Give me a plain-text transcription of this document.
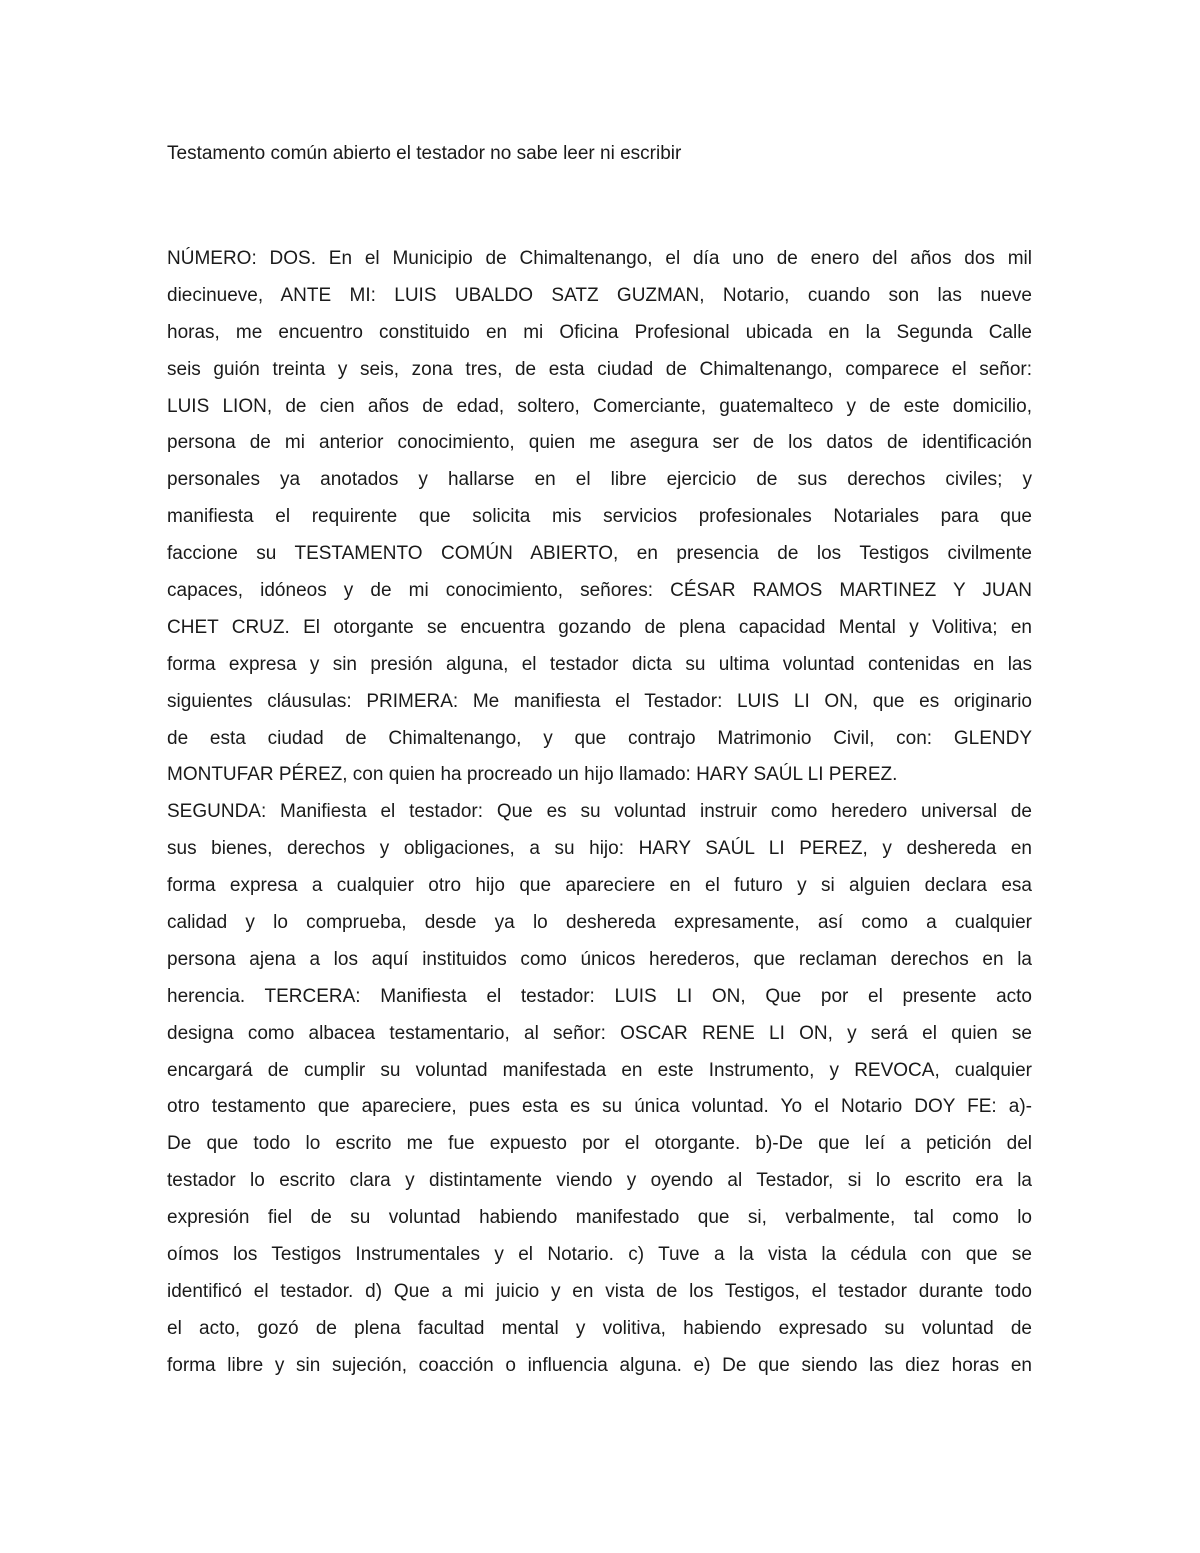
Testamento común abierto el testador no sabe leer ni escribir
NÚMERO: DOS. En el Municipio de Chimaltenango, el día uno de enero del años dos mil
diecinueve, ANTE MI: LUIS UBALDO SATZ GUZMAN, Notario, cuando son las nueve
horas, me encuentro constituido en mi Oficina Profesional ubicada en la Segunda Calle
seis guión treinta y seis, zona tres, de esta ciudad de Chimaltenango, comparece el señor:
LUIS LION, de cien años de edad, soltero, Comerciante, guatemalteco y de este domicilio,
persona de mi anterior conocimiento, quien me asegura ser de los datos de identificación
personales ya anotados y hallarse en el libre ejercicio de sus derechos civiles; y
manifiesta el requirente que solicita mis servicios profesionales Notariales para que
faccione su TESTAMENTO COMÚN ABIERTO, en presencia de los Testigos civilmente
capaces, idóneos y de mi conocimiento, señores: CÉSAR RAMOS MARTINEZ Y JUAN
CHET CRUZ. El otorgante se encuentra gozando de plena capacidad Mental y Volitiva; en
forma expresa y sin presión alguna, el testador dicta su ultima voluntad contenidas en las
siguientes cláusulas: PRIMERA: Me manifiesta el Testador: LUIS LI ON, que es originario
de esta ciudad de Chimaltenango, y que contrajo Matrimonio Civil, con: GLENDY
MONTUFAR PÉREZ, con quien ha procreado un hijo llamado: HARY SAÚL LI PEREZ.
SEGUNDA: Manifiesta el testador: Que es su voluntad instruir como heredero universal de
sus bienes, derechos y obligaciones, a su hijo: HARY SAÚL LI PEREZ, y deshereda en
forma expresa a cualquier otro hijo que apareciere en el futuro y si alguien declara esa
calidad y lo comprueba, desde ya lo deshereda expresamente, así como a cualquier
persona ajena a los aquí instituidos como únicos herederos, que reclaman derechos en la
herencia. TERCERA: Manifiesta el testador: LUIS LI ON, Que por el presente acto
designa como albacea testamentario, al señor: OSCAR RENE LI ON, y será el quien se
encargará de cumplir su voluntad manifestada en este Instrumento, y REVOCA, cualquier
otro testamento que apareciere, pues esta es su única voluntad. Yo el Notario DOY FE: a)-
De que todo lo escrito me fue expuesto por el otorgante. b)-De que leí a petición del
testador lo escrito clara y distintamente viendo y oyendo al Testador, si lo escrito era la
expresión fiel de su voluntad habiendo manifestado que si, verbalmente, tal como lo
oímos los Testigos Instrumentales y el Notario. c) Tuve a la vista la cédula con que se
identificó el testador. d) Que a mi juicio y en vista de los Testigos, el testador durante todo
el acto, gozó de plena facultad mental y volitiva, habiendo expresado su voluntad de
forma libre y sin sujeción, coacción o influencia alguna. e) De que siendo las diez horas en
